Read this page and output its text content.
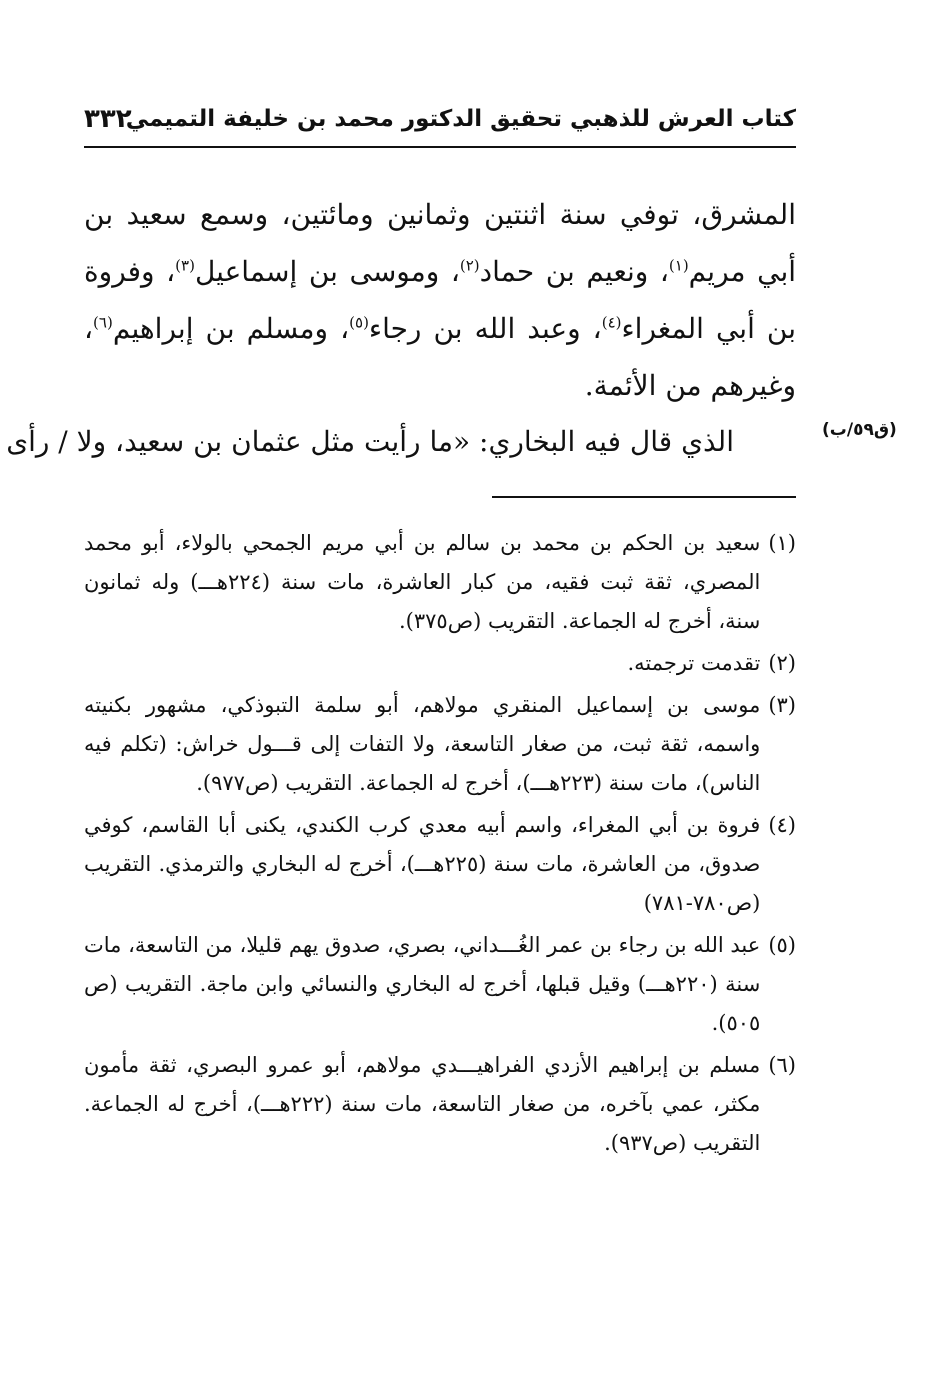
كتاب العرش للذهبي تحقيق الدكتور محمد بن خليفة التميمي
٣٣٢

المشرق، توفي سنة اثنتين وثمانين ومائتين، وسمع سعيد بن أبي مريم$^{(١)}$، ونعيم بن حماد$^{(٢)}$، وموسى بن إسماعيل$^{(٣)}$، وفروة بن أبي المغراء$^{(٤)}$، وعبد الله بن رجاء$^{(٥)}$، ومسلم بن إبراهيم$^{(٦)}$، وغيرهم من الأئمة.

الذي قال فيه البخاري: «ما رأيت مثل عثمان بن سعيد، ولا / رأى	(ق٥٩/ب)
(١)
سعيد بن الحكم بن محمد بن سالم بن أبي مريم الجمحي بالولاء، أبو محمد المصري، ثقة ثبت فقيه، من كبار العاشرة، مات سنة (٢٢٤هـــ) وله ثمانون سنة، أخرج له الجماعة. التقريب (ص٣٧٥).
(٢)
تقدمت ترجمته.
(٣)
موسى بن إسماعيل المنقري مولاهم، أبو سلمة التبوذكي، مشهور بكنيته واسمه، ثقة ثبت، من صغار التاسعة، ولا التفات إلى قـــول خراش: (تكلم فيه الناس)، مات سنة (٢٢٣هـــ)، أخرج له الجماعة. التقريب (ص٩٧٧).
(٤)
فروة بن أبي المغراء، واسم أبيه معدي كرب الكندي، يكنى أبا القاسم، كوفي صدوق، من العاشرة، مات سنة (٢٢٥هـــ)، أخرج له البخاري والترمذي. التقريب (ص٧٨٠-٧٨١)
(٥)
عبد الله بن رجاء بن عمر الغُـــداني، بصري، صدوق يهم قليلا، من التاسعة، مات سنة (٢٢٠هـــ) وقيل قبلها، أخرج له البخاري والنسائي وابن ماجة. التقريب (ص ٥٠٥).
(٦)
مسلم بن إبراهيم الأزدي الفراهيـــدي مولاهم، أبو عمرو البصري، ثقة مأمون مكثر، عمي بآخره، من صغار التاسعة، مات سنة (٢٢٢هـــ)، أخرج له الجماعة. التقريب (ص٩٣٧).
